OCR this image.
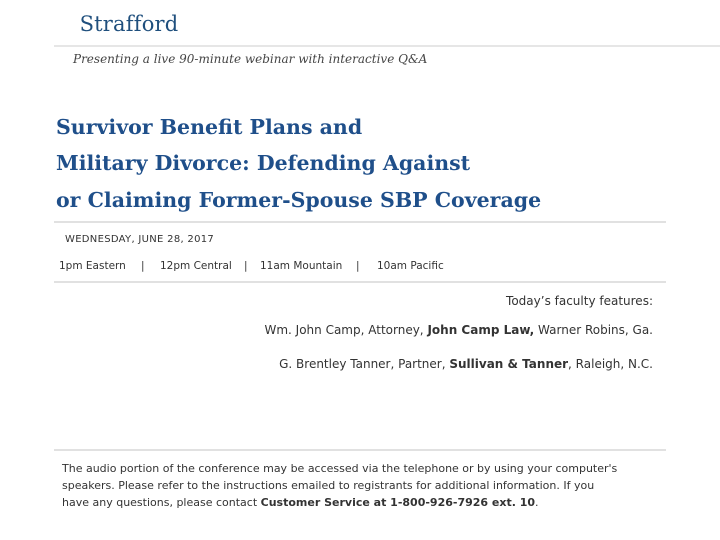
Strafford
Presenting a live 90-minute webinar with interactive Q&A
Survivor Benefit Plans and
Military Divorce: Defending Against
or Claiming Former-Spouse SBP Coverage
WEDNESDAY, JUNE 28, 2017
1pm Eastern | 12pm Central | 11am Mountain | 10am Pacific
Today’s faculty features:
Wm. John Camp, Attorney, John Camp Law, Warner Robins, Ga.
G. Brentley Tanner, Partner, Sullivan & Tanner, Raleigh, N.C.
The audio portion of the conference may be accessed via the telephone or by using your computer's
speakers. Please refer to the instructions emailed to registrants for additional information. If you
have any questions, please contact Customer Service at 1-800-926-7926 ext. 10.
